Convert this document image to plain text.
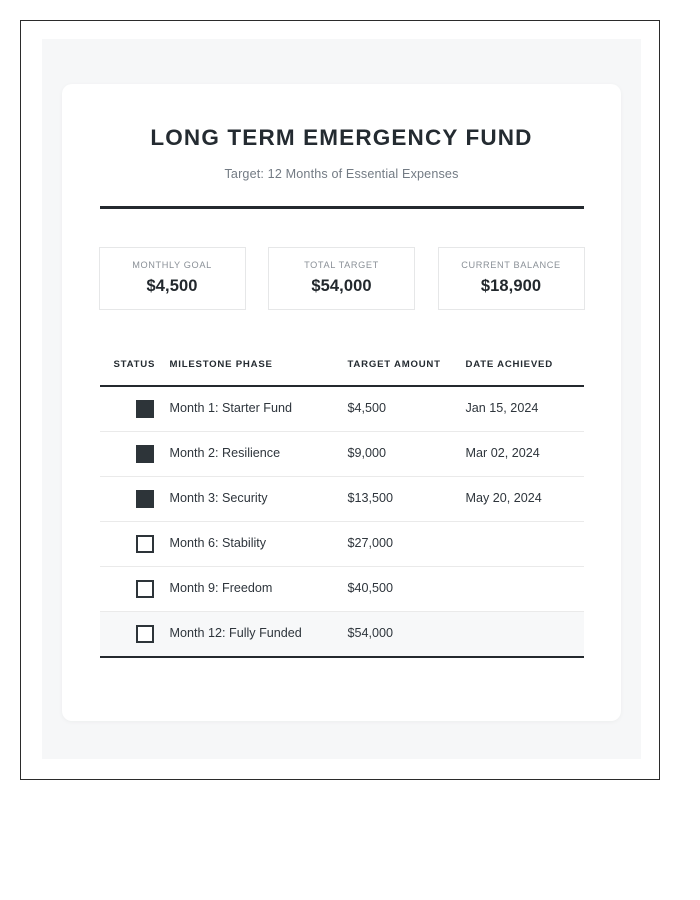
LONG TERM EMERGENCY FUND
Target: 12 Months of Essential Expenses
MONTHLY GOAL
$4,500
TOTAL TARGET
$54,000
CURRENT BALANCE
$18,900
STATUS	MILESTONE PHASE	TARGET AMOUNT	DATE ACHIEVED

	Month 1: Starter Fund	$4,500	Jan 15, 2024

	Month 2: Resilience	$9,000	Mar 02, 2024

	Month 3: Security	$13,500	May 20, 2024

	Month 6: Stability	$27,000	

	Month 9: Freedom	$40,500	

	Month 12: Fully Funded	$54,000	
